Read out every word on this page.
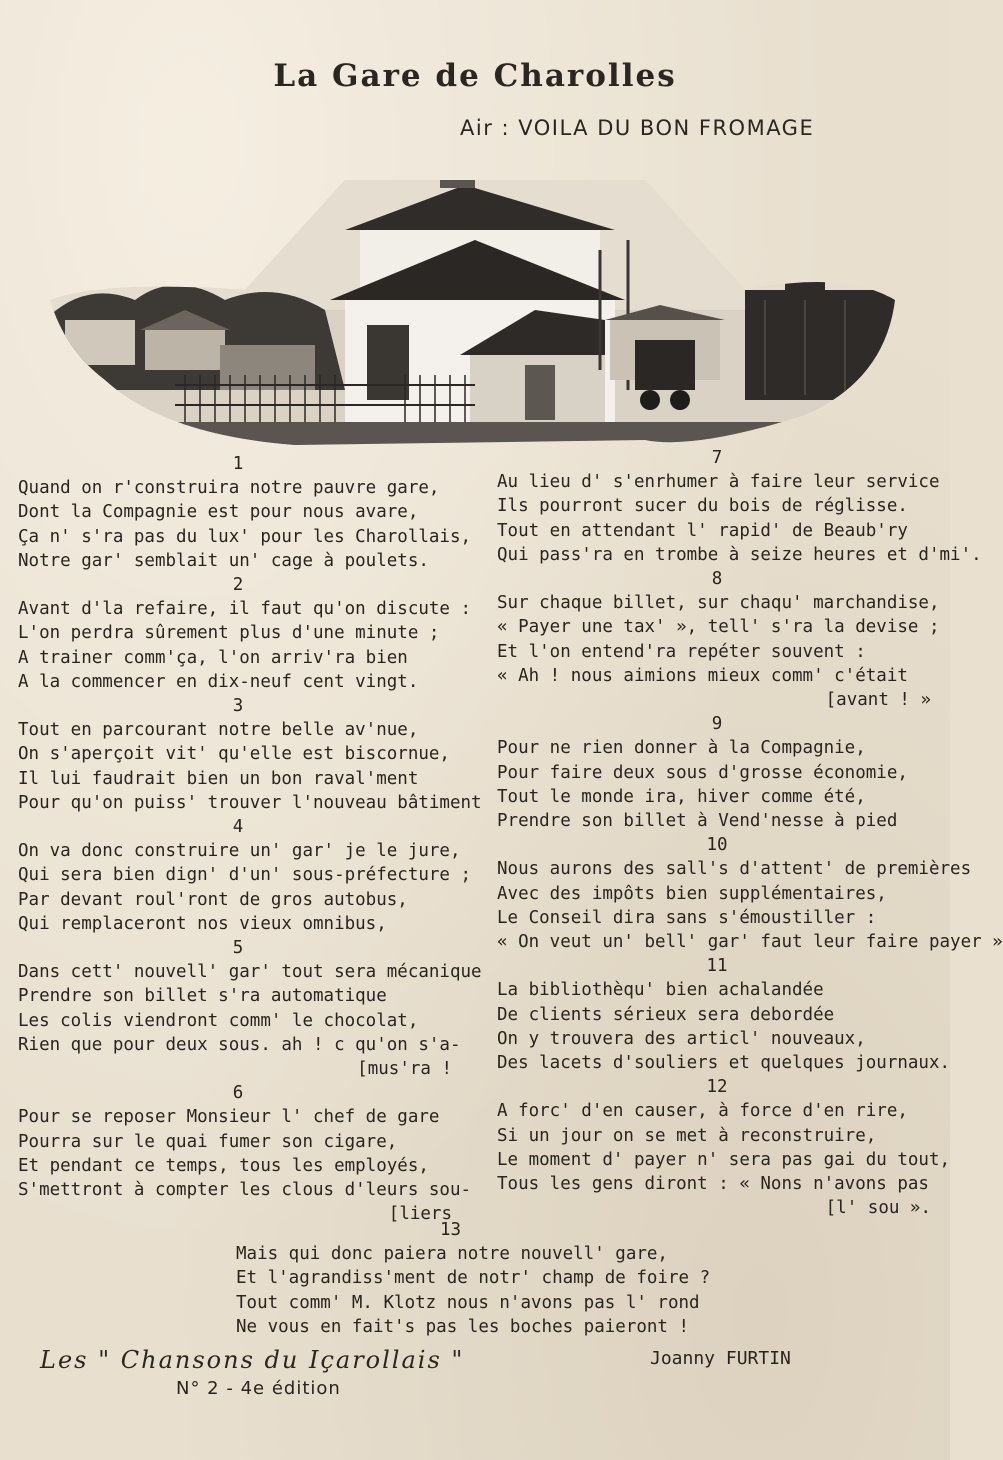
La Gare de Charolles
Air : VOILA DU BON FROMAGE
1
Quand on r'construira notre pauvre gare,
Dont la Compagnie est pour nous avare,
Ça n' s'ra pas du lux' pour les Charollais,
Notre gar' semblait un' cage à poulets.
2
Avant d'la refaire, il faut qu'on discute :
L'on perdra sûrement plus d'une minute ;
A trainer comm'ça, l'on arriv'ra bien
A la commencer en dix-neuf cent vingt.
3
Tout en parcourant notre belle av'nue,
On s'aperçoit vit' qu'elle est biscornue,
Il lui faudrait bien un bon raval'ment
Pour qu'on puiss' trouver l'nouveau bâtiment
4
On va donc construire un' gar' je le jure,
Qui sera bien dign' d'un' sous-préfecture ;
Par devant roul'ront de gros autobus,
Qui remplaceront nos vieux omnibus,
5
Dans cett' nouvell' gar' tout sera mécanique
Prendre son billet s'ra automatique
Les colis viendront comm' le chocolat,
Rien que pour deux sous. ah ! c qu'on s'a-
[mus'ra !
6
Pour se reposer Monsieur l' chef de gare
Pourra sur le quai fumer son cigare,
Et pendant ce temps, tous les employés,
S'mettront à compter les clous d'leurs sou-
[liers
7
Au lieu d' s'enrhumer à faire leur service
Ils pourront sucer du bois de réglisse.
Tout en attendant l' rapid' de Beaub'ry
Qui pass'ra en trombe à seize heures et d'mi'.
8
Sur chaque billet, sur chaqu' marchandise,
« Payer une tax' », tell' s'ra la devise ;
Et l'on entend'ra repéter souvent :
« Ah ! nous aimions mieux comm' c'était
[avant ! »
9
Pour ne rien donner à la Compagnie,
Pour faire deux sous d'grosse économie,
Tout le monde ira, hiver comme été,
Prendre son billet à Vend'nesse à pied
10
Nous aurons des sall's d'attent' de premières
Avec des impôts bien supplémentaires,
Le Conseil dira sans s'émoustiller :
« On veut un' bell' gar' faut leur faire payer »
11
La bibliothèqu' bien achalandée
De clients sérieux sera debordée
On y trouvera des articl' nouveaux,
Des lacets d'souliers et quelques journaux.
12
A forc' d'en causer, à force d'en rire,
Si un jour on se met à reconstruire,
Le moment d' payer n' sera pas gai du tout,
Tous les gens diront : « Nons n'avons pas
[l' sou ».
13
Mais qui donc paiera notre nouvell' gare,
Et l'agrandiss'ment de notr' champ de foire ?
Tout comm' M. Klotz nous n'avons pas l' rond
Ne vous en fait's pas les boches paieront !
Les " Chansons du Içarollais "
N° 2 - 4e édition
Joanny FURTIN
